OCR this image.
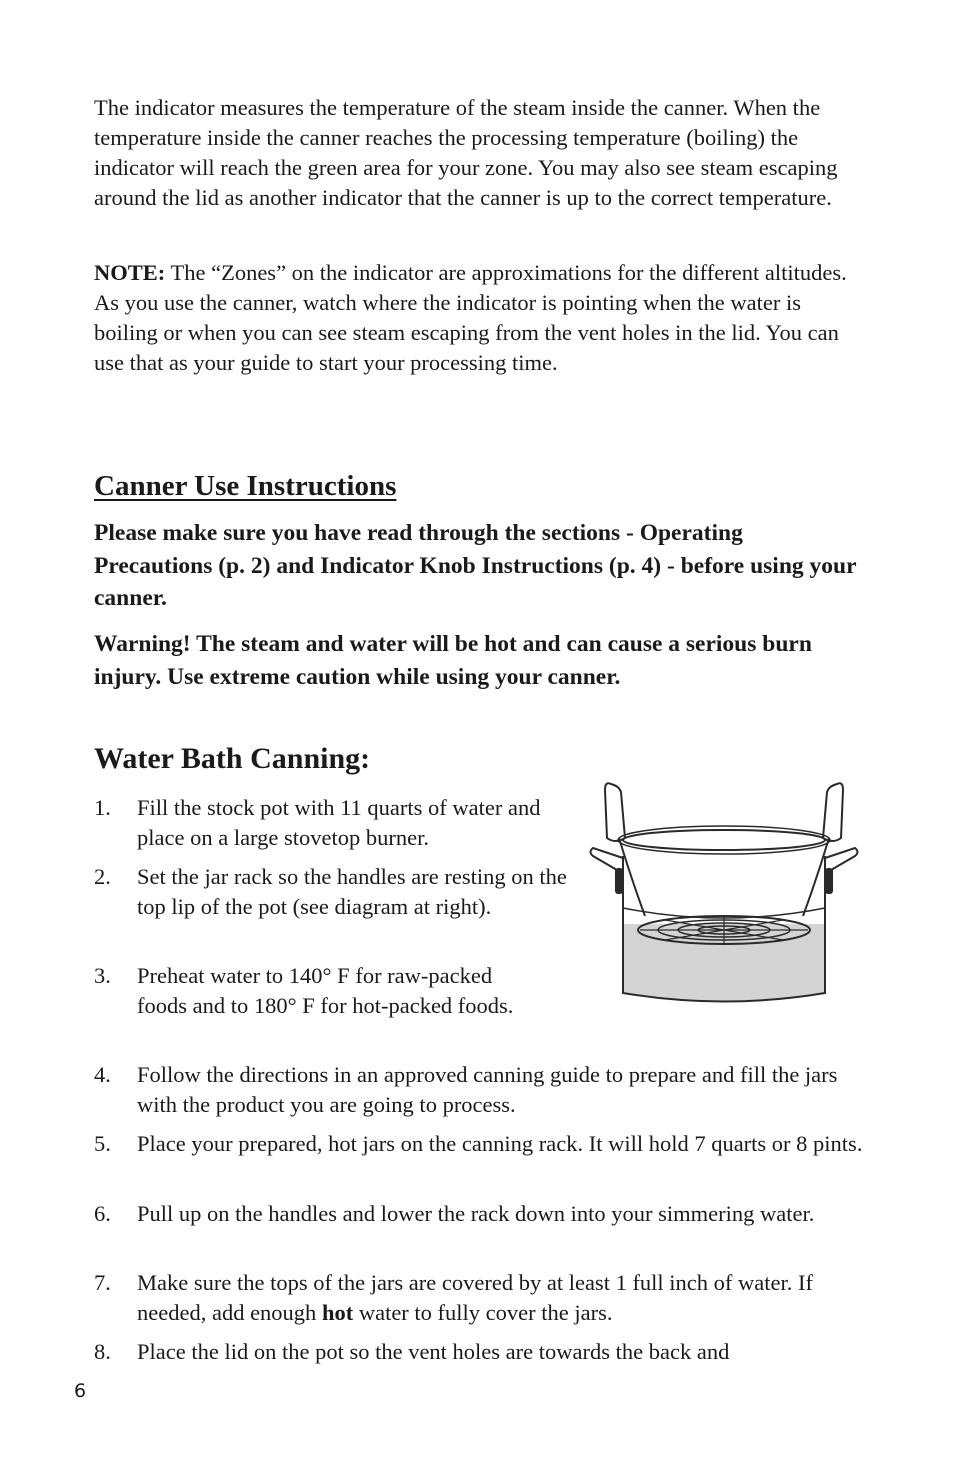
The indicator measures the temperature of the steam inside the canner. When the temperature inside the canner reaches the processing temperature (boiling) the indicator will reach the green area for your zone. You may also see steam escaping around the lid as another indicator that the canner is up to the correct temperature.

NOTE: The “Zones” on the indicator are approximations for the different altitudes. As you use the canner, watch where the indicator is pointing when the water is boiling or when you can see steam escaping from the vent holes in the lid. You can use that as your guide to start your processing time.

Canner Use Instructions

Please make sure you have read through the sections - Operating Precautions (p. 2) and Indicator Knob Instructions (p. 4) - before using your canner.

Warning! The steam and water will be hot and can cause a serious burn injury. Use extreme caution while using your canner.

Water Bath Canning:
1.	Fill the stock pot with 11 quarts of water and place on a large stovetop burner.
2.	Set the jar rack so the handles are resting on the top lip of the pot (see diagram at right).
3.	Preheat water to 140° F for raw-packed foods and to 180° F for hot-packed foods.
4.	Follow the directions in an approved canning guide to prepare and fill the jars with the product you are going to process.
5.	Place your prepared, hot jars on the canning rack. It will hold 7 quarts or 8 pints.
6.	Pull up on the handles and lower the rack down into your simmering water.
7.	Make sure the tops of the jars are covered by at least 1 full inch of water. If needed, add enough hot water to fully cover the jars.
8.	Place the lid on the pot so the vent holes are towards the back and
6
